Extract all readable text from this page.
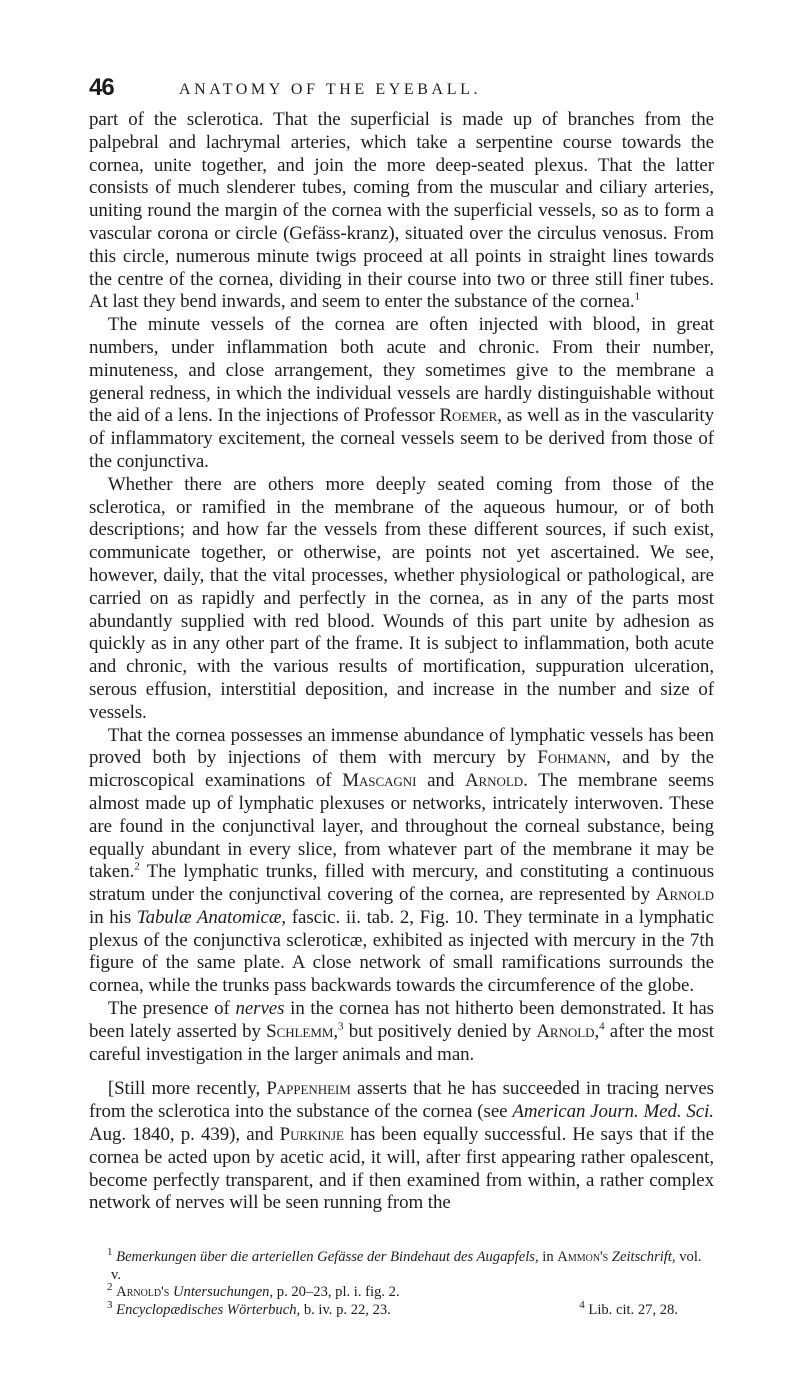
46	ANATOMY OF THE EYEBALL.

part of the sclerotica. That the superficial is made up of branches from the palpebral and lachrymal arteries, which take a serpentine course towards the cornea, unite together, and join the more deep-seated plexus. That the latter consists of much slenderer tubes, coming from the muscular and ciliary arteries, uniting round the margin of the cornea with the superficial vessels, so as to form a vascular corona or circle (Gefäss-kranz), situated over the circulus venosus. From this circle, numerous minute twigs proceed at all points in straight lines towards the centre of the cornea, dividing in their course into two or three still finer tubes. At last they bend inwards, and seem to enter the substance of the cornea.$^1$

 The minute vessels of the cornea are often injected with blood, in great numbers, under inflammation both acute and chronic. From their number, minuteness, and close arrangement, they sometimes give to the membrane a general redness, in which the individual vessels are hardly distinguishable without the aid of a lens. In the injections of Professor Roemer, as well as in the vascularity of inflammatory excitement, the corneal vessels seem to be derived from those of the conjunctiva.

 Whether there are others more deeply seated coming from those of the sclerotica, or ramified in the membrane of the aqueous humour, or of both descriptions; and how far the vessels from these different sources, if such exist, communicate together, or otherwise, are points not yet ascertained. We see, however, daily, that the vital processes, whether physiological or pathological, are carried on as rapidly and perfectly in the cornea, as in any of the parts most abundantly supplied with red blood. Wounds of this part unite by adhesion as quickly as in any other part of the frame. It is subject to inflammation, both acute and chronic, with the various results of mortification, suppuration ulceration, serous effusion, interstitial deposition, and increase in the number and size of vessels.

 That the cornea possesses an immense abundance of lymphatic vessels has been proved both by injections of them with mercury by Fohmann, and by the microscopical examinations of Mascagni and Arnold. The membrane seems almost made up of lymphatic plexuses or networks, intricately interwoven. These are found in the conjunctival layer, and throughout the corneal substance, being equally abundant in every slice, from whatever part of the membrane it may be taken.$^2$ The lymphatic trunks, filled with mercury, and constituting a continuous stratum under the conjunctival covering of the cornea, are represented by Arnold in his Tabulæ Anatomicæ, fascic. ii. tab. 2, Fig. 10. They terminate in a lymphatic plexus of the conjunctiva scleroticæ, exhibited as injected with mercury in the 7th figure of the same plate. A close network of small ramifications surrounds the cornea, while the trunks pass backwards towards the circumference of the globe.

 The presence of nerves in the cornea has not hitherto been demonstrated. It has been lately asserted by Schlemm,$^3$ but positively denied by Arnold,$^4$ after the most careful investigation in the larger animals and man.

 [Still more recently, Pappenheim asserts that he has succeeded in tracing nerves from the sclerotica into the substance of the cornea (see American Journ. Med. Sci. Aug. 1840, p. 439), and Purkinje has been equally successful. He says that if the cornea be acted upon by acetic acid, it will, after first appearing rather opalescent, become perfectly transparent, and if then examined from within, a rather complex network of nerves will be seen running from the

$^1$ Bemerkungen über die arteriellen Gefässe der Bindehaut des Augapfels, in Ammon's Zeitschrift, vol. v.
$^2$ Arnold's Untersuchungen, p. 20–23, pl. i. fig. 2.
$^3$ Encyclopædisches Wörterbuch, b. iv. p. 22, 23.	$^4$ Lib. cit. 27, 28.
